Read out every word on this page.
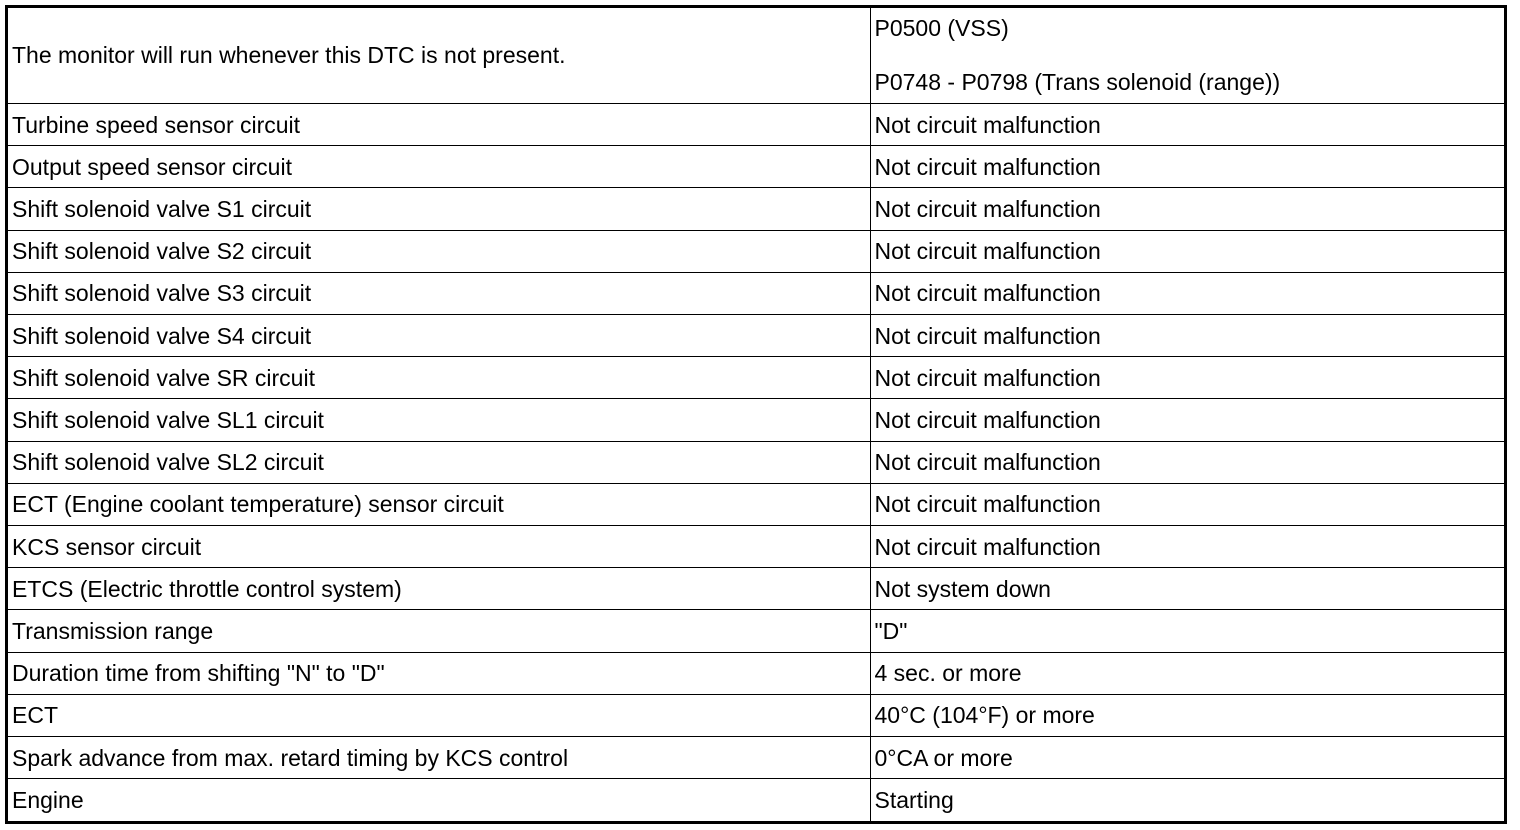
The monitor will run whenever this DTC is not present.	P0500 (VSS)
P0748 - P0798 (Trans solenoid (range))

Turbine speed sensor circuit	Not circuit malfunction
Output speed sensor circuit	Not circuit malfunction
Shift solenoid valve S1 circuit	Not circuit malfunction
Shift solenoid valve S2 circuit	Not circuit malfunction
Shift solenoid valve S3 circuit	Not circuit malfunction
Shift solenoid valve S4 circuit	Not circuit malfunction
Shift solenoid valve SR circuit	Not circuit malfunction
Shift solenoid valve SL1 circuit	Not circuit malfunction
Shift solenoid valve SL2 circuit	Not circuit malfunction
ECT (Engine coolant temperature) sensor circuit	Not circuit malfunction
KCS sensor circuit	Not circuit malfunction
ETCS (Electric throttle control system)	Not system down
Transmission range	"D"
Duration time from shifting "N" to "D"	4 sec. or more
ECT	40°C (104°F) or more
Spark advance from max. retard timing by KCS control	0°CA or more
Engine	Starting
